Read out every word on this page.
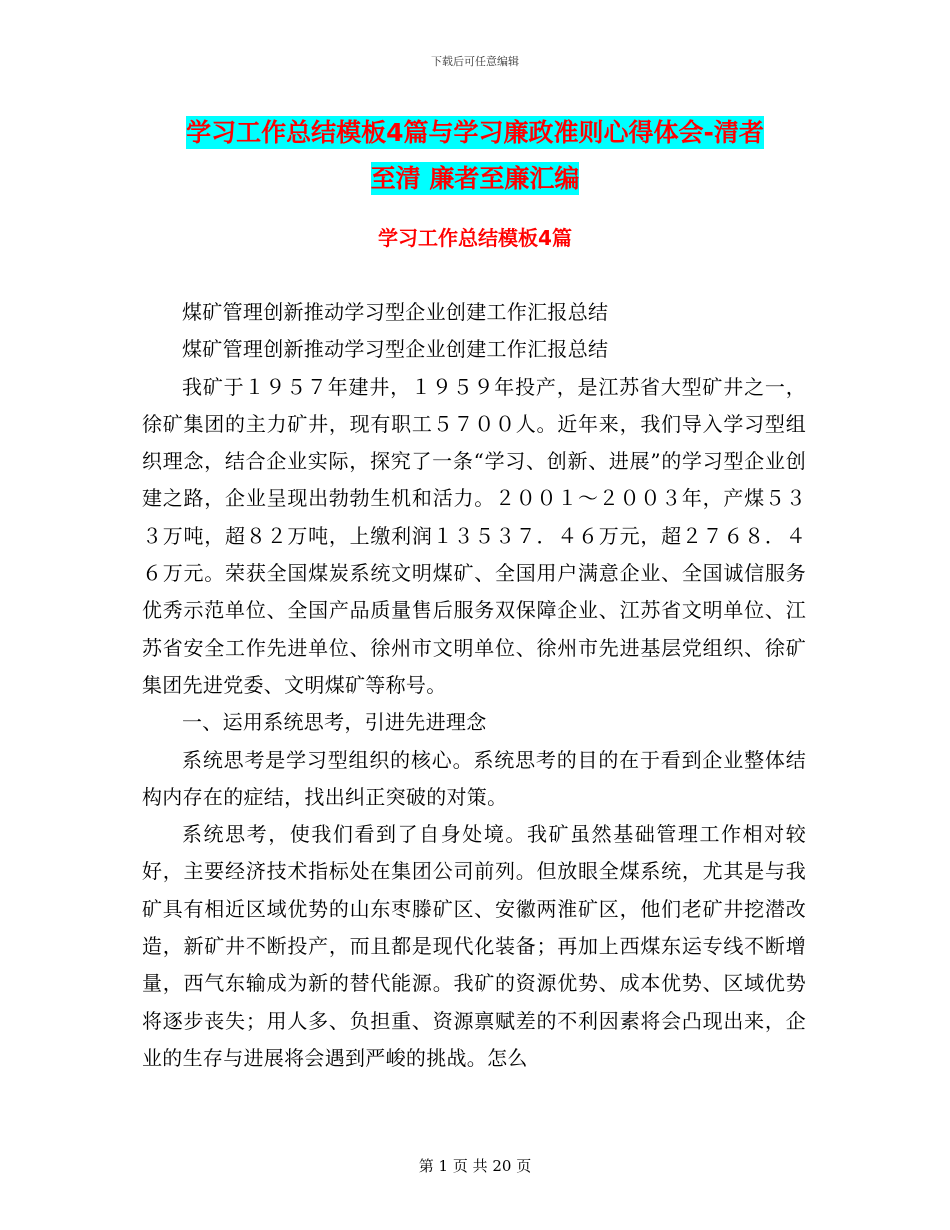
下载后可任意编辑
学习工作总结模板4篇与学习廉政准则心得体会-清者
至清 廉者至廉汇编
学习工作总结模板4篇

煤矿管理创新推动学习型企业创建工作汇报总结

煤矿管理创新推动学习型企业创建工作汇报总结

我矿于１９５７年建井，１９５９年投产，是江苏省大型矿井之一，徐矿集团的主力矿井，现有职工５７００人。近年来，我们导入学习型组织理念，结合企业实际，探究了一条“学习、创新、进展”的学习型企业创建之路，企业呈现出勃勃生机和活力。２００１～２００３年，产煤５３３万吨，超８２万吨，上缴利润１３５３７．４６万元，超２７６８．４６万元。荣获全国煤炭系统文明煤矿、全国用户满意企业、全国诚信服务优秀示范单位、全国产品质量售后服务双保障企业、江苏省文明单位、江苏省安全工作先进单位、徐州市文明单位、徐州市先进基层党组织、徐矿集团先进党委、文明煤矿等称号。

一、运用系统思考，引进先进理念

系统思考是学习型组织的核心。系统思考的目的在于看到企业整体结构内存在的症结，找出纠正突破的对策。

系统思考，使我们看到了自身处境。我矿虽然基础管理工作相对较好，主要经济技术指标处在集团公司前列。但放眼全煤系统，尤其是与我矿具有相近区域优势的山东枣滕矿区、安徽两淮矿区，他们老矿井挖潜改造，新矿井不断投产，而且都是现代化装备；再加上西煤东运专线不断增量，西气东输成为新的替代能源。我矿的资源优势、成本优势、区域优势将逐步丧失；用人多、负担重、资源禀赋差的不利因素将会凸现出来，企业的生存与进展将会遇到严峻的挑战。怎么

第 1 页 共 20 页
